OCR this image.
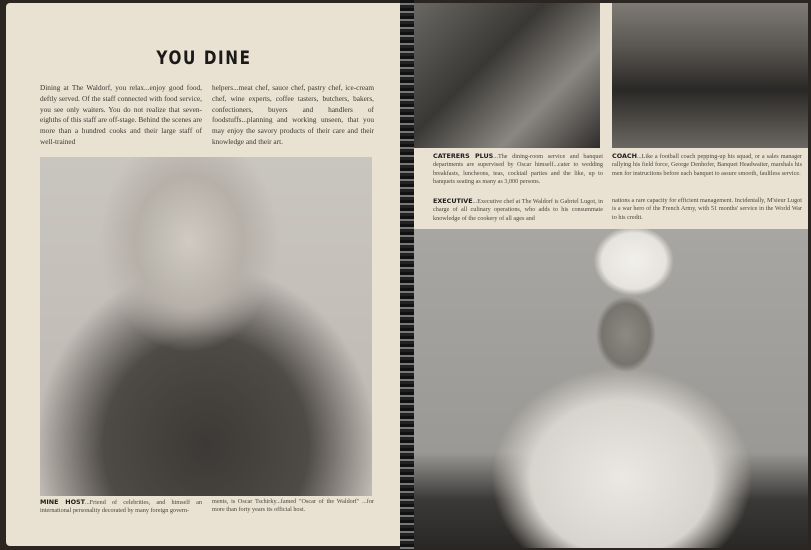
YOU DINE
Dining at The Waldorf, you relax...enjoy good food, deftly served. Of the staff connected with food service, you see only waiters. You do not realize that seven-eighths of this staff are off-stage. Behind the scenes are more than a hundred cooks and their large staff of well-trained
helpers...meat chef, sauce chef, pastry chef, ice-cream chef, wine experts, coffee tasters, butchers, bakers, confectioners, buyers and handlers of foodstuffs...planning and working unseen, that you may enjoy the savory products of their care and their knowledge and their art.
MINE HOST...Friend of celebrities, and himself an international personality decorated by many foreign govern-
ments, is Oscar Tschirky...famed "Oscar of the Waldorf" ...for more than forty years its official host.
CATERERS PLUS...The dining-room service and banquet departments are supervised by Oscar himself...cater to wedding breakfasts, luncheons, teas, cocktail parties and the like, up to banquets seating as many as 3,000 persons.
COACH...Like a football coach pepping-up his squad, or a sales manager rallying his field force, George Denhofer, Banquet Headwaiter, marshals his men for instructions before each banquet to assure smooth, faultless service.
EXECUTIVE...Executive chef at The Waldorf is Gabriel Lugot, in charge of all culinary operations, who adds to his consummate knowledge of the cookery of all ages and
nations a rare capacity for efficient management. Incidentally, M'sieur Lugot is a war hero of the French Army, with 51 months' service in the World War to his credit.
